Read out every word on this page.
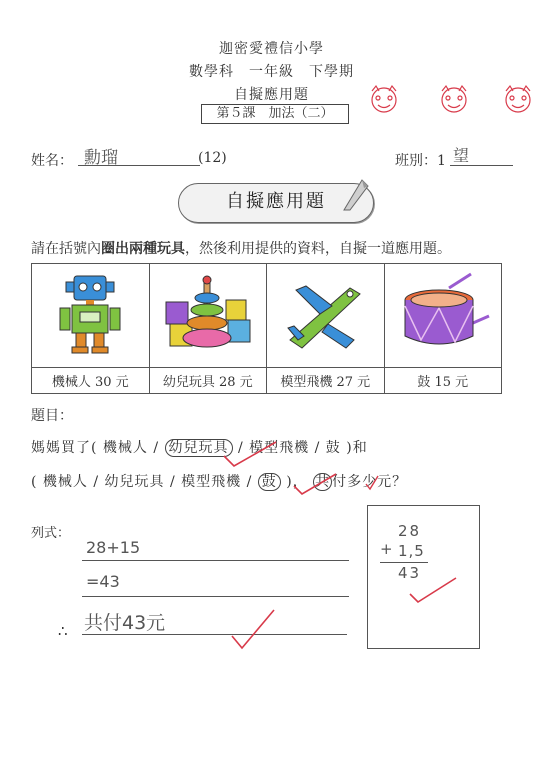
迦密愛禮信小學
數學科　一年級　下學期
自擬應用題
第５課　加法（二）
姓名： 勳瑠	(12)	班別：1 望
自擬應用題
請在括號內圈出兩種玩具，然後利用提供的資料，自擬一道應用題。

機械人 30 元	幼兒玩具 28 元	模型飛機 27 元	鼓 15 元
題目：
媽媽買了( 機械人 / 幼兒玩具 / 模型飛機 / 鼓 )和
( 機械人 / 幼兒玩具 / 模型飛機 / 鼓 )， 共 付多少元？
列式：
28+15
=43
∴ 共付43元
28
+ 1,5
43
